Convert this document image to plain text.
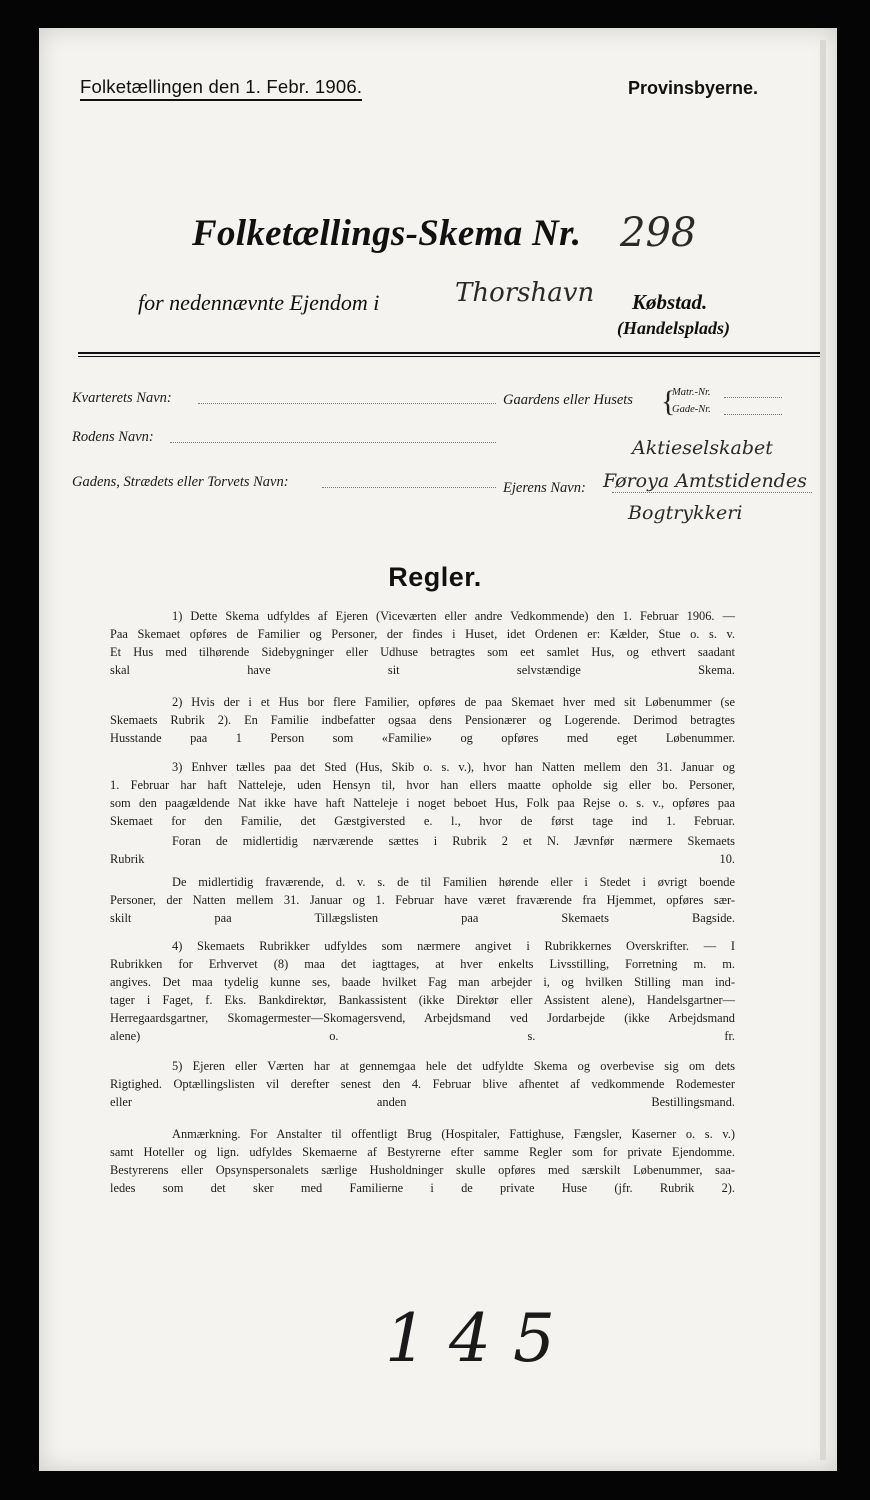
Folketællingen den 1. Febr. 1906.	Provinsbyerne.
Folketællings-Skema Nr. 298
for nedennævnte Ejendom i	Thorshavn Købstad.
(Handelsplads)
Kvarterets Navn:	Gaardens eller Husets {
Matr.-Nr.
Gade-Nr.
Rodens Navn:
Gadens, Strædets eller Torvets Navn:	Ejerens Navn:
Aktieselskabet
Føroya Amtstidendes
Bogtrykkeri
Regler.
1) Dette Skema udfyldes af Ejeren (Viceværten eller andre Vedkommende) den 1. Februar 1906. —
Paa Skemaet opføres de Familier og Personer, der findes i Huset, idet Ordenen er: Kælder, Stue o. s. v.
Et Hus med tilhørende Sidebygninger eller Udhuse betragtes som eet samlet Hus, og ethvert saadant
skal have sit selvstændige Skema.
2) Hvis der i et Hus bor flere Familier, opføres de paa Skemaet hver med sit Løbenummer (se
Skemaets Rubrik 2). En Familie indbefatter ogsaa dens Pensionærer og Logerende. Derimod betragtes
Husstande paa 1 Person som «Familie» og opføres med eget Løbenummer.
3) Enhver tælles paa det Sted (Hus, Skib o. s. v.), hvor han Natten mellem den 31. Januar og
1. Februar har haft Natteleje, uden Hensyn til, hvor han ellers maatte opholde sig eller bo. Personer,
som den paagældende Nat ikke have haft Natteleje i noget beboet Hus, Folk paa Rejse o. s. v., opføres paa
Skemaet for den Familie, det Gæstgiversted e. l., hvor de først tage ind 1. Februar.
Foran de midlertidig nærværende sættes i Rubrik 2 et N. Jævnfør nærmere Skemaets
Rubrik 10.
De midlertidig fraværende, d. v. s. de til Familien hørende eller i Stedet i øvrigt boende
Personer, der Natten mellem 31. Januar og 1. Februar have været fraværende fra Hjemmet, opføres sær-
skilt paa Tillægslisten paa Skemaets Bagside.
4) Skemaets Rubrikker udfyldes som nærmere angivet i Rubrikkernes Overskrifter. — I
Rubrikken for Erhvervet (8) maa det iagttages, at hver enkelts Livsstilling, Forretning m. m.
angives. Det maa tydelig kunne ses, baade hvilket Fag man arbejder i, og hvilken Stilling man ind-
tager i Faget, f. Eks. Bankdirektør, Bankassistent (ikke Direktør eller Assistent alene), Handelsgartner—
Herregaardsgartner, Skomagermester—Skomagersvend, Arbejdsmand ved Jordarbejde (ikke Arbejdsmand
alene) o. s. fr.
5) Ejeren eller Værten har at gennemgaa hele det udfyldte Skema og overbevise sig om dets
Rigtighed. Optællingslisten vil derefter senest den 4. Februar blive afhentet af vedkommende Rodemester
eller anden Bestillingsmand.
Anmærkning. For Anstalter til offentligt Brug (Hospitaler, Fattighuse, Fængsler, Kaserner o. s. v.)
samt Hoteller og lign. udfyldes Skemaerne af Bestyrerne efter samme Regler som for private Ejendomme.
Bestyrerens eller Opsynspersonalets særlige Husholdninger skulle opføres med særskilt Løbenummer, saa-
ledes som det sker med Familierne i de private Huse (jfr. Rubrik 2).
145
